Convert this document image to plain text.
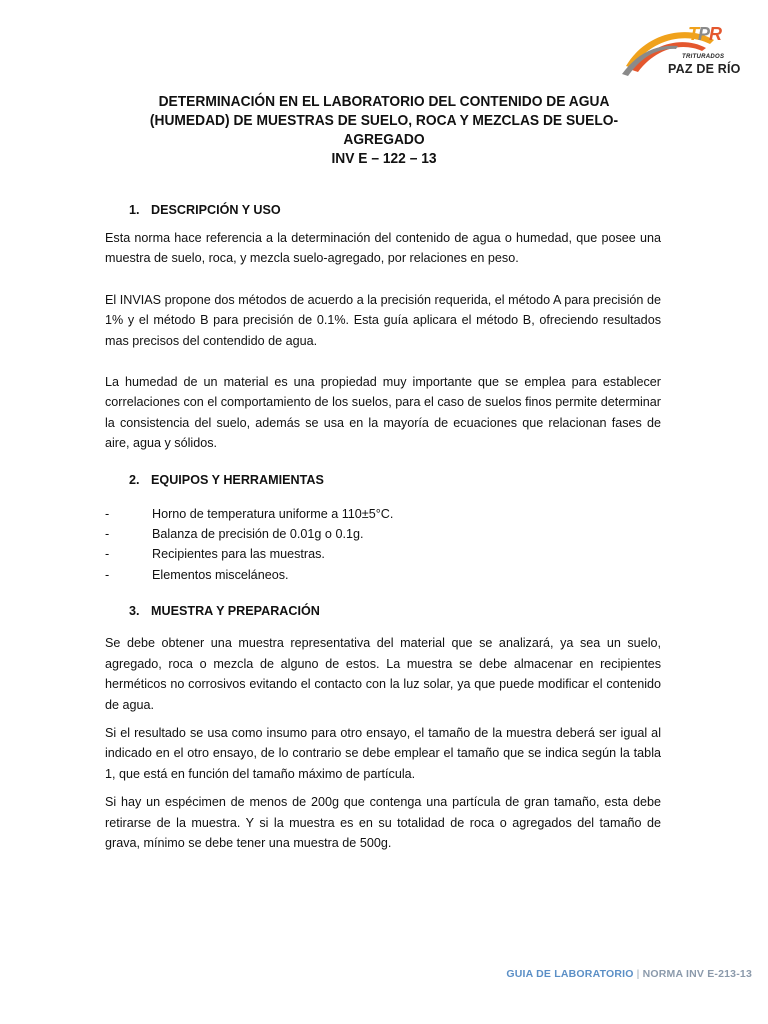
TPR
TRITURADOS
PAZ DE RÍO
DETERMINACIÓN EN EL LABORATORIO DEL CONTENIDO DE AGUA
(HUMEDAD) DE MUESTRAS DE SUELO, ROCA Y MEZCLAS DE SUELO-
AGREGADO
INV E – 122 – 13
1. DESCRIPCIÓN Y USO

Esta norma hace referencia a la determinación del contenido de agua o humedad, que posee una muestra de suelo, roca, y mezcla suelo-agregado, por relaciones en peso.

El INVIAS propone dos métodos de acuerdo a la precisión requerida, el método A para precisión de 1% y el método B para precisión de 0.1%. Esta guía aplicara el método B, ofreciendo resultados mas precisos del contendido de agua.

La humedad de un material es una propiedad muy importante que se emplea para establecer correlaciones con el comportamiento de los suelos, para el caso de suelos finos permite determinar la consistencia del suelo, además se usa en la mayoría de ecuaciones que relacionan fases de aire, agua y sólidos.

2. EQUIPOS Y HERRAMIENTAS
-	Horno de temperatura uniforme a 110±5°C.
-	Balanza de precisión de 0.01g o 0.1g.
-	Recipientes para las muestras.
-	Elementos misceláneos.
3. MUESTRA Y PREPARACIÓN

Se debe obtener una muestra representativa del material que se analizará, ya sea un suelo, agregado, roca o mezcla de alguno de estos. La muestra se debe almacenar en recipientes herméticos no corrosivos evitando el contacto con la luz solar, ya que puede modificar el contenido de agua.

Si el resultado se usa como insumo para otro ensayo, el tamaño de la muestra deberá ser igual al indicado en el otro ensayo, de lo contrario se debe emplear el tamaño que se indica según la tabla 1, que está en función del tamaño máximo de partícula.

Si hay un espécimen de menos de 200g que contenga una partícula de gran tamaño, esta debe retirarse de la muestra. Y si la muestra es en su totalidad de roca o agregados del tamaño de grava, mínimo se debe tener una muestra de 500g.

GUIA DE LABORATORIO | NORMA INV E-213-13
